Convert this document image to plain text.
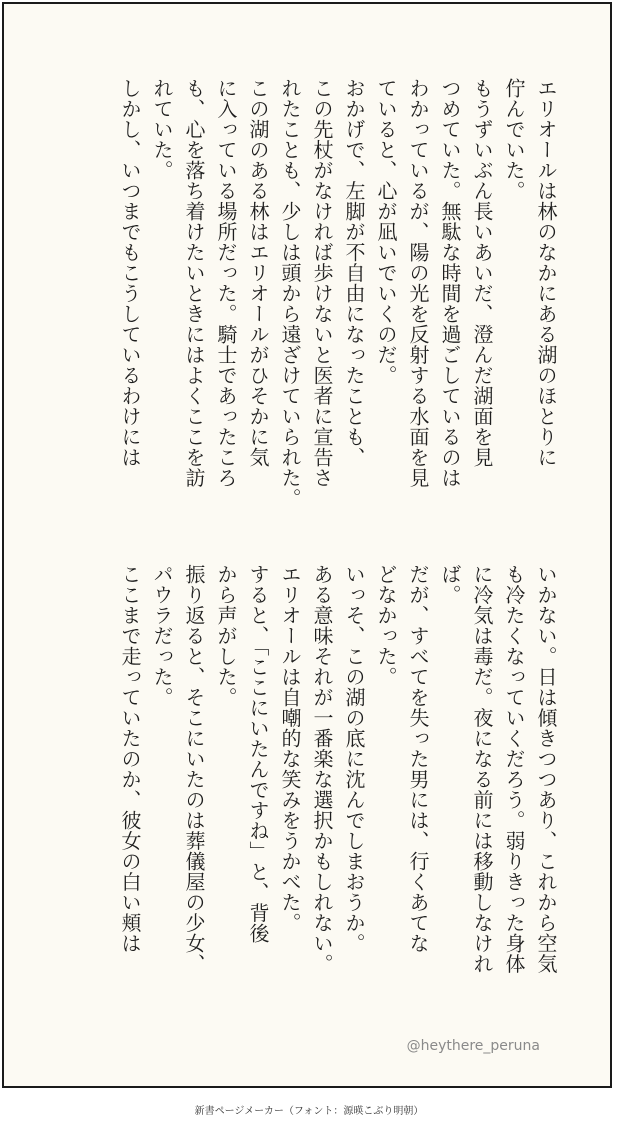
エリオールは林のなかにある湖のほとりに
佇んでいた。
もうずいぶん長いあいだ、澄んだ湖面を見
つめていた。無駄な時間を過ごしているのは
わかっているが、陽の光を反射する水面を見
ていると、心が凪いでいくのだ。
おかげで、左脚が不自由になったことも、
この先杖がなければ歩けないと医者に宣告さ
れたことも、少しは頭から遠ざけていられた。
この湖のある林はエリオールがひそかに気
に入っている場所だった。騎士であったころ
も、心を落ち着けたいときにはよくここを訪
れていた。
しかし、いつまでもこうしているわけには
いかない。日は傾きつつあり、これから空気
も冷たくなっていくだろう。弱りきった身体
に冷気は毒だ。夜になる前には移動しなけれ
ば。
だが、すべてを失った男には、行くあてな
どなかった。
いっそ、この湖の底に沈んでしまおうか。
ある意味それが一番楽な選択かもしれない。
エリオールは自嘲的な笑みをうかべた。
すると、「ここにいたんですね」と、背後
から声がした。
振り返ると、そこにいたのは葬儀屋の少女、
パウラだった。
ここまで走っていたのか、彼女の白い頬は
@heythere_peruna
新書ページメーカー（フォント：源暎こぶり明朝）
